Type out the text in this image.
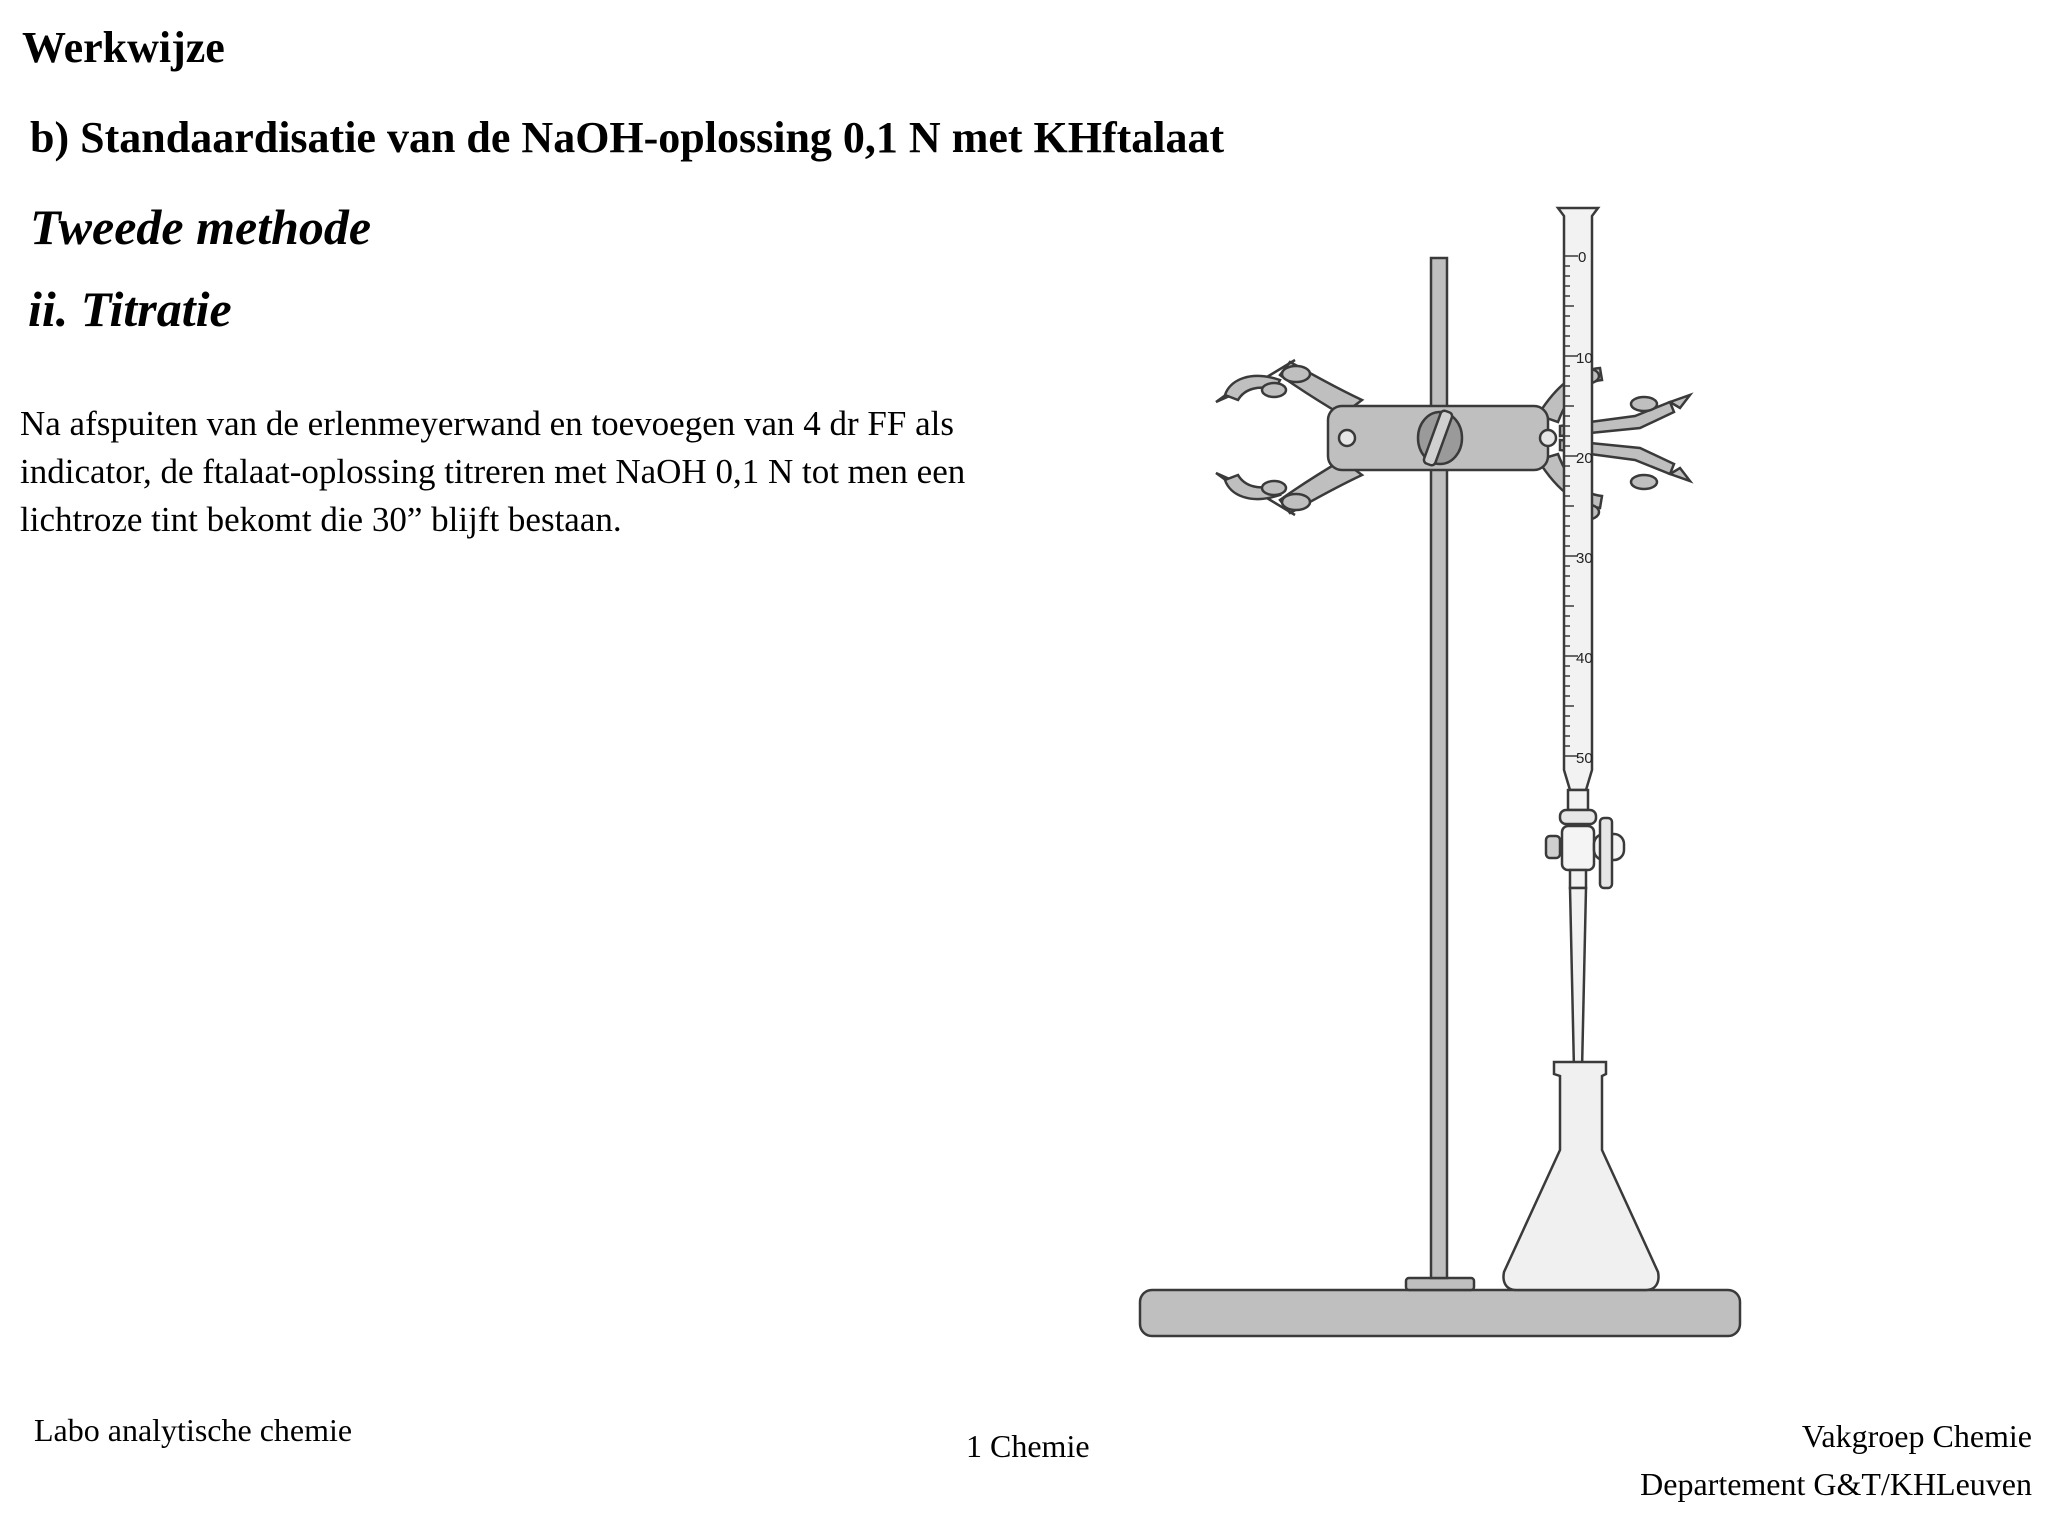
Werkwijze
b) Standaardisatie van de NaOH-oplossing 0,1 N met KHftalaat
Tweede methode
ii. Titratie
Na afspuiten van de erlenmeyerwand en toevoegen van 4 dr FF als
indicator, de ftalaat-oplossing titreren met NaOH 0,1 N tot men een
lichtroze tint bekomt die 30” blijft bestaan.
0
10
20
30
40
50
Labo analytische chemie	1 Chemie	Vakgroep Chemie
Departement G&T/KHLeuven
